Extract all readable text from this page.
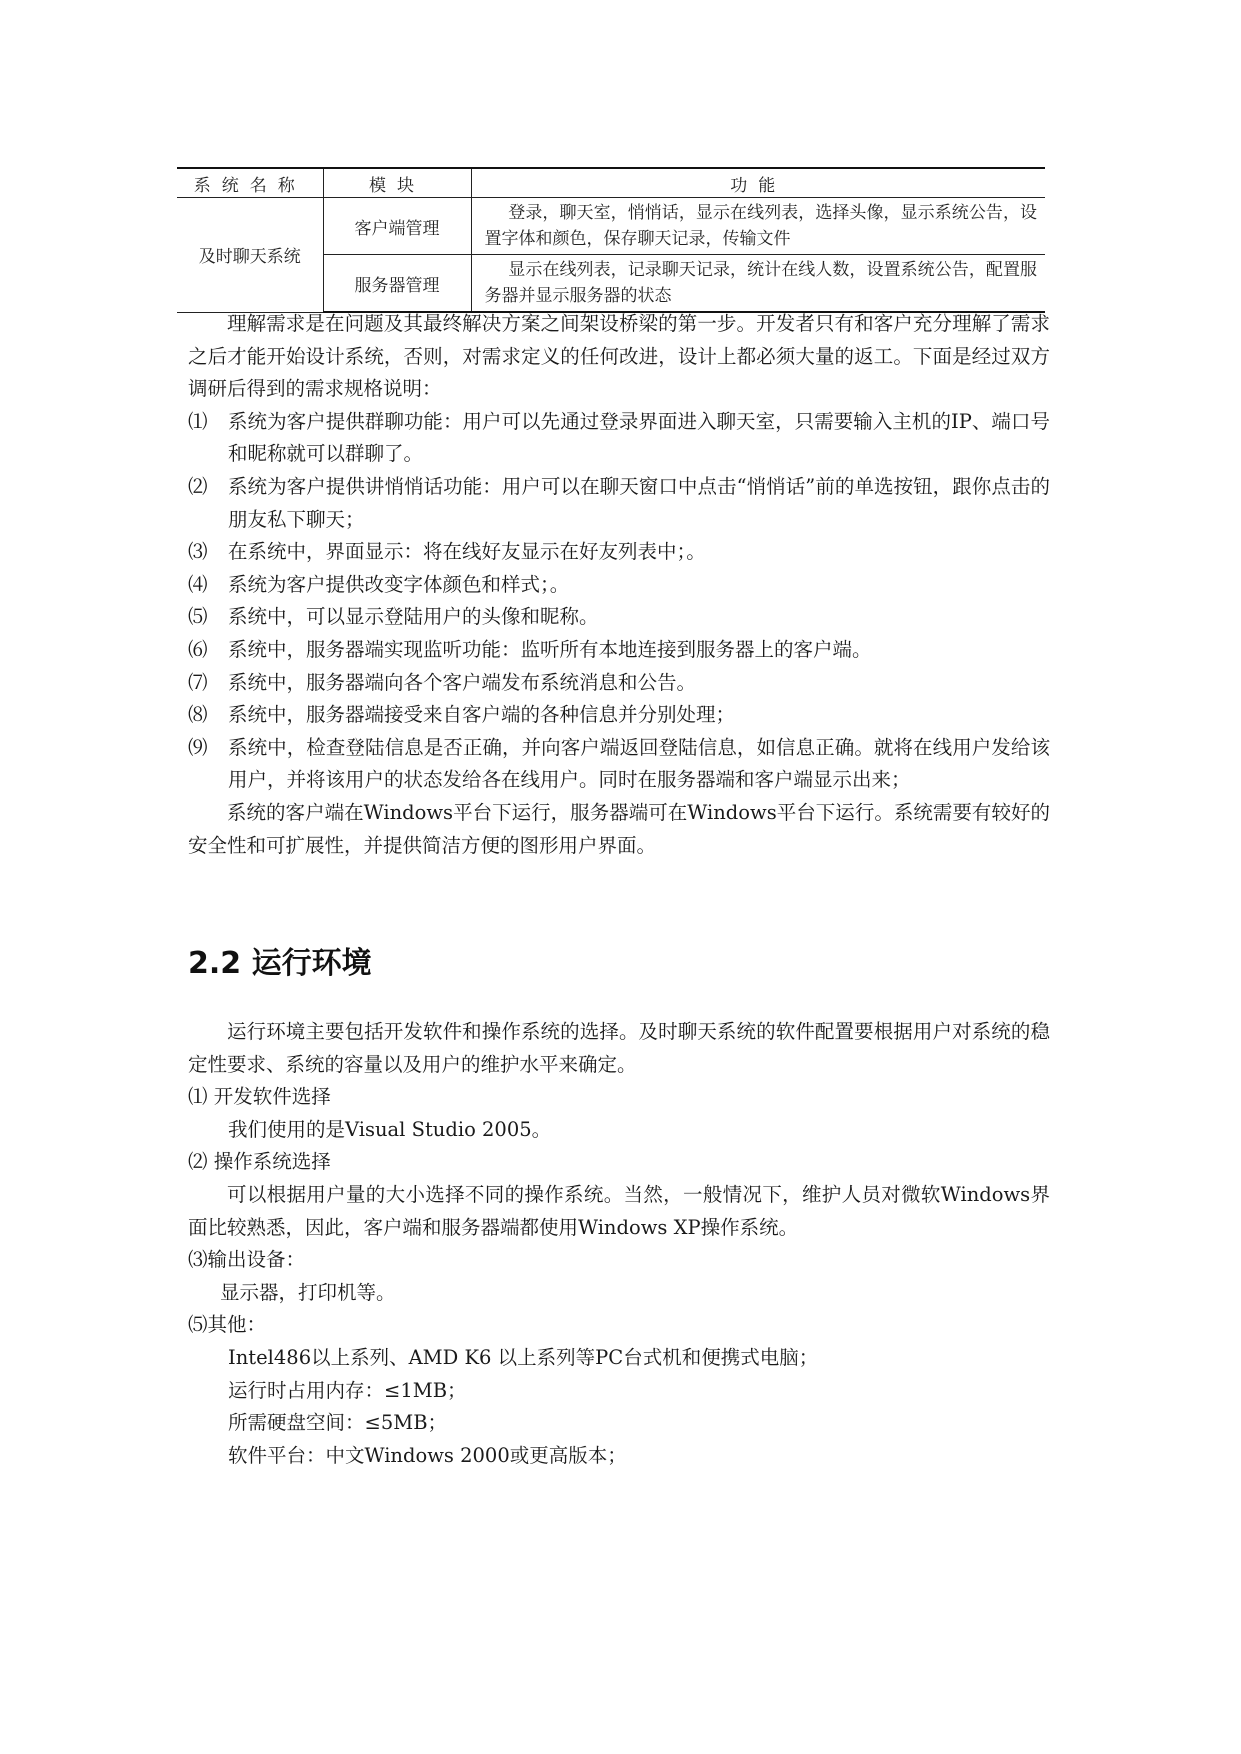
系统名称	模块	功能
及时聊天系统	客户端管理	登录，聊天室，悄悄话，显示在线列表，选择头像，显示系统公告，设置字体和颜色，保存聊天记录，传输文件
	服务器管理	显示在线列表，记录聊天记录，统计在线人数，设置系统公告，配置服务器并显示服务器的状态

理解需求是在问题及其最终解决方案之间架设桥梁的第一步。开发者只有和客户充分理解了需求之后才能开始设计系统，否则，对需求定义的任何改进，设计上都必须大量的返工。下面是经过双方调研后得到的需求规格说明：

⑴ 系统为客户提供群聊功能：用户可以先通过登录界面进入聊天室，只需要输入主机的IP、端口号和昵称就可以群聊了。

⑵ 系统为客户提供讲悄悄话功能：用户可以在聊天窗口中点击“悄悄话”前的单选按钮，跟你点击的朋友私下聊天；

⑶ 在系统中，界面显示：将在线好友显示在好友列表中；。

⑷ 系统为客户提供改变字体颜色和样式；。

⑸ 系统中，可以显示登陆用户的头像和昵称。

⑹ 系统中，服务器端实现监听功能：监听所有本地连接到服务器上的客户端。

⑺ 系统中，服务器端向各个客户端发布系统消息和公告。

⑻ 系统中，服务器端接受来自客户端的各种信息并分别处理；

⑼ 系统中，检查登陆信息是否正确，并向客户端返回登陆信息，如信息正确。就将在线用户发给该用户，并将该用户的状态发给各在线用户。同时在服务器端和客户端显示出来；

系统的客户端在Windows平台下运行，服务器端可在Windows平台下运行。系统需要有较好的安全性和可扩展性，并提供简洁方便的图形用户界面。

2.2 运行环境

运行环境主要包括开发软件和操作系统的选择。及时聊天系统的软件配置要根据用户对系统的稳定性要求、系统的容量以及用户的维护水平来确定。

⑴ 开发软件选择

我们使用的是Visual Studio 2005。

⑵ 操作系统选择

可以根据用户量的大小选择不同的操作系统。当然，一般情况下，维护人员对微软Windows界面比较熟悉，因此，客户端和服务器端都使用Windows XP操作系统。

⑶输出设备：

显示器，打印机等。

⑸其他：

Intel486以上系列、AMD K6 以上系列等PC台式机和便携式电脑；

运行时占用内存：≤1MB；

所需硬盘空间：≤5MB；

软件平台：中文Windows 2000或更高版本；
